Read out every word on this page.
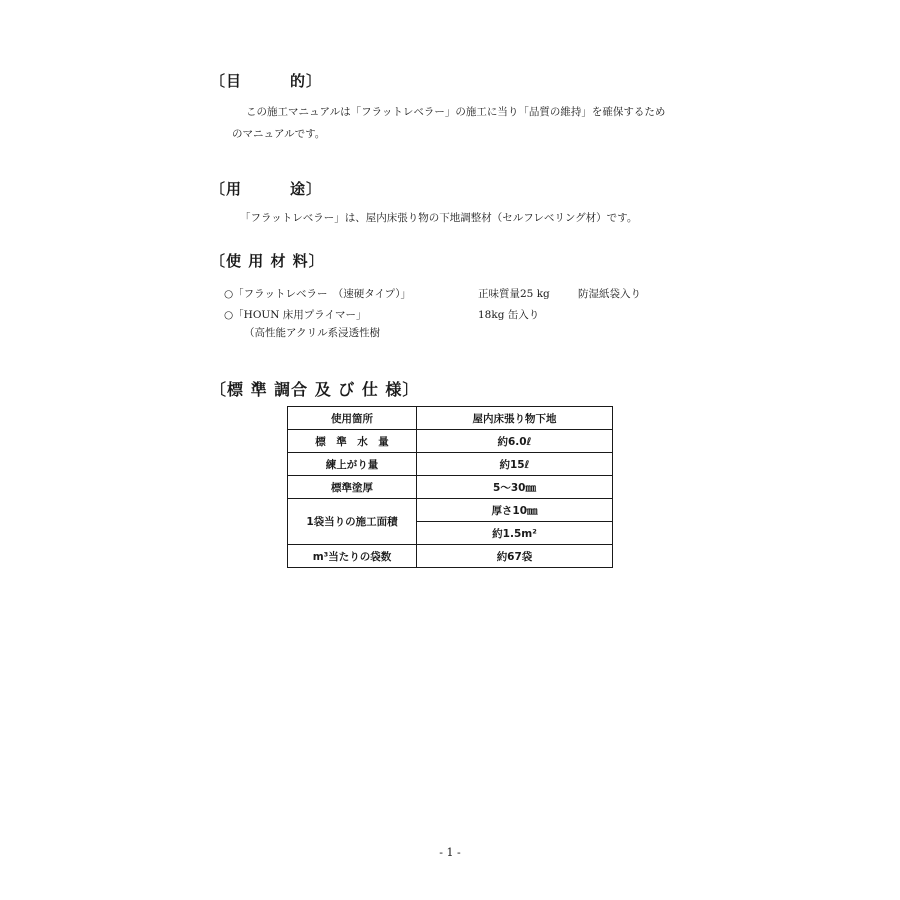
〔目　　　的〕
この施工マニュアルは「フラットレベラー」の施工に当り「品質の維持」を確保するため
のマニュアルです。
〔用　　　途〕
「フラットレベラー」は、屋内床張り物の下地調整材（セルフレベリング材）です。
〔使 用 材 料〕
○「フラットレベラー　（速硬タイプ）」	正味質量25 kg	防湿紙袋入り
○「HOUN 床用プライマー」	18kg 缶入り
（高性能アクリル系浸透性樹
〔標 準 調合 及 び 仕 様〕
使用箇所	屋内床張り物下地
標　準　水　量	約6.0ℓ
練上がり量	約15ℓ
標準塗厚	5～30㎜
1袋当りの施工面積	厚さ10㎜
	約1.5m²
m³当たりの袋数	約67袋
- 1 -
